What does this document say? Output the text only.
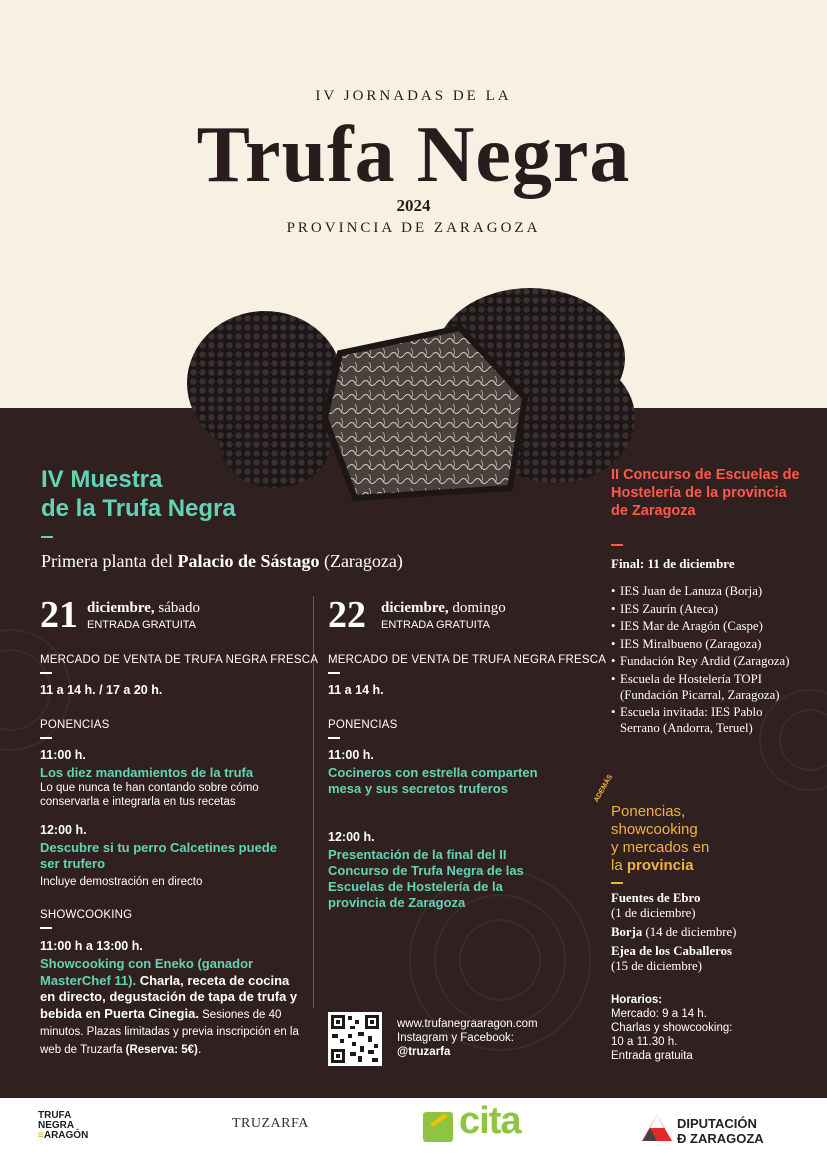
IV JORNADAS DE LA
Trufa Negra
2024
PROVINCIA DE ZARAGOZA
IV Muestra
de la Trufa Negra
Primera planta del Palacio de Sástago (Zaragoza)
21 diciembre, sábado
ENTRADA GRATUITA
MERCADO DE VENTA DE TRUFA NEGRA FRESCA
11 a 14 h. / 17 a 20 h.
PONENCIAS
11:00 h.
Los diez mandamientos de la trufa
Lo que nunca te han contando sobre cómo conservarla e integrarla en tus recetas
12:00 h.
Descubre si tu perro Calcetines puede ser trufero
Incluye demostración en directo
SHOWCOOKING
11:00 h a 13:00 h.
Showcooking con Eneko (ganador MasterChef 11). Charla, receta de cocina en directo, degustación de tapa de trufa y bebida en Puerta Cinegia. Sesiones de 40 minutos. Plazas limitadas y previa inscripción en la web de Truzarfa (Reserva: 5€).
22 diciembre, domingo
ENTRADA GRATUITA
MERCADO DE VENTA DE TRUFA NEGRA FRESCA
11 a 14 h.
PONENCIAS
11:00 h.
Cocineros con estrella comparten mesa y sus secretos truferos
12:00 h.
Presentación de la final del II Concurso de Trufa Negra de las Escuelas de Hostelería de la provincia de Zaragoza
www.trufanegraaragon.com
Instagram y Facebook:
@truzarfa
II Concurso de Escuelas de Hostelería de la provincia de Zaragoza
Final: 11 de diciembre
• IES Juan de Lanuza (Borja)
• IES Zaurín (Ateca)
• IES Mar de Aragón (Caspe)
• IES Miralbueno (Zaragoza)
• Fundación Rey Ardid (Zaragoza)
• Escuela de Hostelería TOPI (Fundación Picarral, Zaragoza)
• Escuela invitada: IES Pablo Serrano (Andorra, Teruel)
ADEMÁS
Ponencias,
showcooking
y mercados en
la provincia
Fuentes de Ebro
(1 de diciembre)
Borja (14 de diciembre)
Ejea de los Caballeros
(15 de diciembre)
Horarios:
Mercado: 9 a 14 h.
Charlas y showcooking:
10 a 11.30 h.
Entrada gratuita
TRUFA
NEGRA
≡ARAGÓN
TRUZARFA	cita	DIPUTACIÓN
Ð ZARAGOZA
